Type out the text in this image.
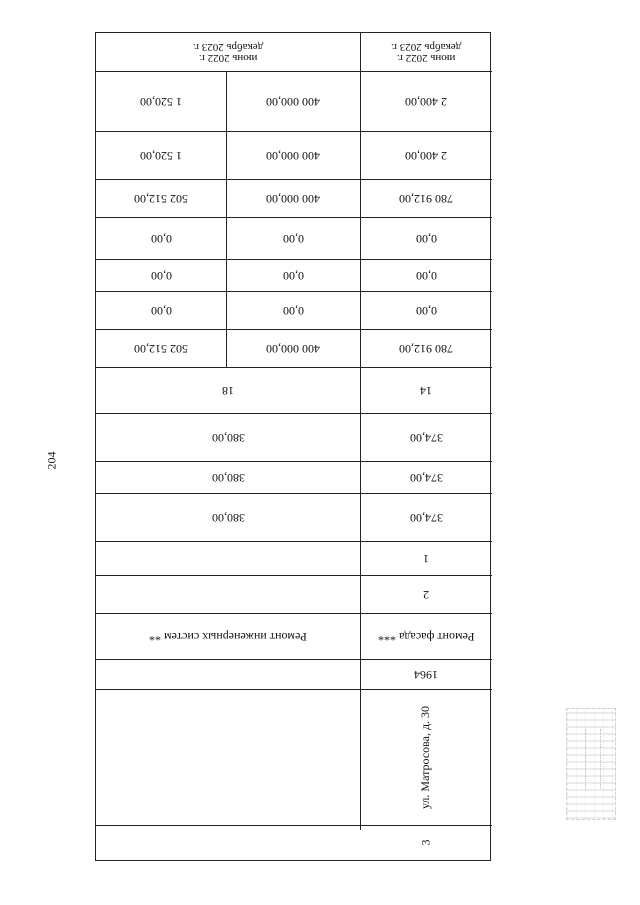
204
июнь 2022 г.
декабрь 2023 г.
июнь 2022 г.
декабрь 2023 г.
2 400,00
400 000,00
1 520,00
2 400,00
400 000,00
1 520,00
780 912,00
400 000,00
502 512,00
0,00
0,00
0,00
0,00
0,00
0,00
0,00
0,00
0,00
780 912,00
400 000,00
502 512,00
14
18
374,00
380,00
374,00
380,00
374,00
380,00
1
2
Ремонт фасада ***
Ремонт инженерных систем **
1964
ул. Матросова, д. 30
3
